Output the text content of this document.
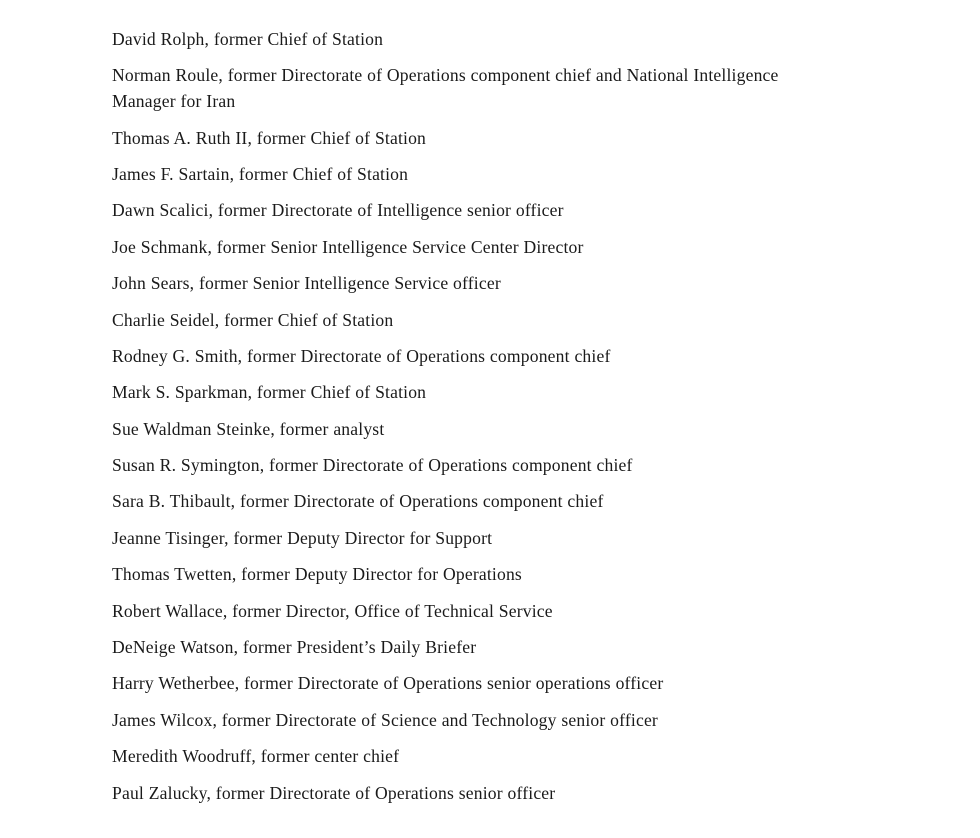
David Rolph, former Chief of Station

Norman Roule, former Directorate of Operations component chief and National Intelligence Manager for Iran

Thomas A. Ruth II, former Chief of Station

James F. Sartain, former Chief of Station

Dawn Scalici, former Directorate of Intelligence senior officer

Joe Schmank, former Senior Intelligence Service Center Director

John Sears, former Senior Intelligence Service officer

Charlie Seidel, former Chief of Station

Rodney G. Smith, former Directorate of Operations component chief

Mark S. Sparkman, former Chief of Station

Sue Waldman Steinke, former analyst

Susan R. Symington, former Directorate of Operations component chief

Sara B. Thibault, former Directorate of Operations component chief

Jeanne Tisinger, former Deputy Director for Support

Thomas Twetten, former Deputy Director for Operations

Robert Wallace, former Director, Office of Technical Service

DeNeige Watson, former President’s Daily Briefer

Harry Wetherbee, former Directorate of Operations senior operations officer

James Wilcox, former Directorate of Science and Technology senior officer

Meredith Woodruff, former center chief

Paul Zalucky, former Directorate of Operations senior officer
